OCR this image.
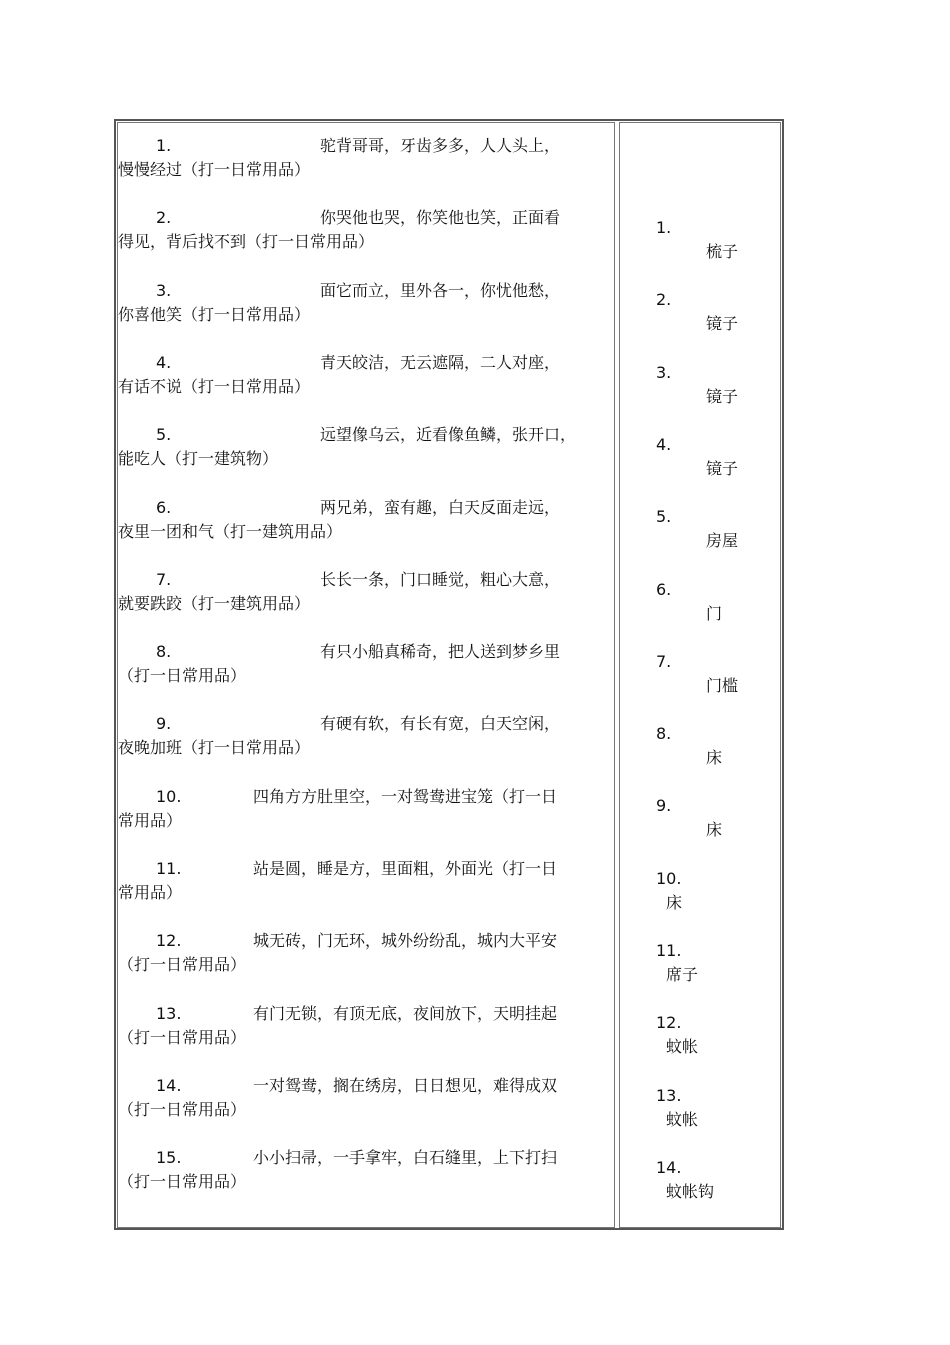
1.	驼背哥哥，牙齿多多，人人头上，
慢慢经过（打一日常用品）
2.	你哭他也哭，你笑他也笑，正面看
得见，背后找不到（打一日常用品）
3.	面它而立，里外各一，你忧他愁，
你喜他笑（打一日常用品）
4.	青天皎洁，无云遮隔，二人对座，
有话不说（打一日常用品）
5.	远望像乌云，近看像鱼鳞，张开口，
能吃人（打一建筑物）
6.	两兄弟，蛮有趣，白天反面走远，
夜里一团和气（打一建筑用品）
7.	长长一条，门口睡觉，粗心大意，
就要跌跤（打一建筑用品）
8.	有只小船真稀奇，把人送到梦乡里
（打一日常用品）
9.	有硬有软，有长有宽，白天空闲，
夜晚加班（打一日常用品）
10.	四角方方肚里空，一对鸳鸯进宝笼（打一日
常用品）
11.	站是圆，睡是方，里面粗，外面光（打一日
常用品）
12.	城无砖，门无环，城外纷纷乱，城内大平安
（打一日常用品）
13.	有门无锁，有顶无底，夜间放下，天明挂起
（打一日常用品）
14.	一对鸳鸯，搁在绣房，日日想见，难得成双
（打一日常用品）
15.	小小扫帚，一手拿牢，白石缝里，上下打扫
（打一日常用品）
1.
梳子
2.
镜子
3.
镜子
4.
镜子
5.
房屋
6.
门
7.
门槛
8.
床
9.
床
10.
床
11.
席子
12.
蚊帐
13.
蚊帐
14.
蚊帐钩
